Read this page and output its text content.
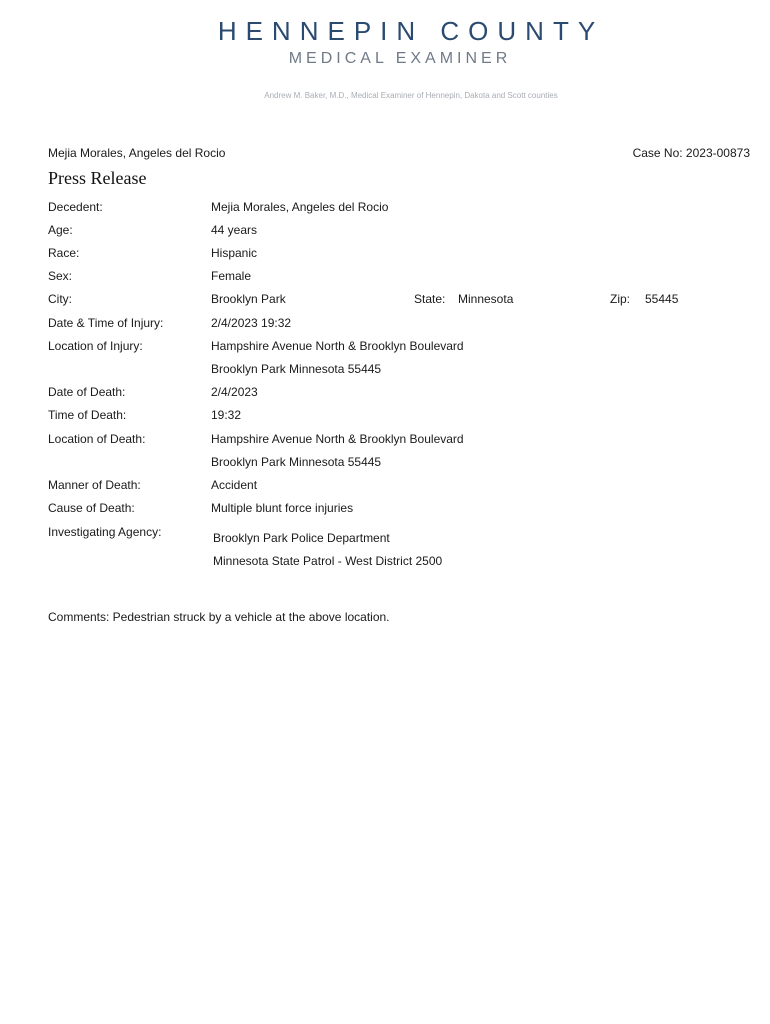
HENNEPIN COUNTY
MEDICAL EXAMINER
Andrew M. Baker, M.D., Medical Examiner of Hennepin, Dakota and Scott counties
Mejia Morales, Angeles del Rocio	Case No: 2023-00873
Press Release
Decedent:	Mejia Morales, Angeles del Rocio
Age:	44 years
Race:	Hispanic
Sex:	Female
City:	Brooklyn Park	State: Minnesota	Zip: 55445
Date & Time of Injury:	2/4/2023 19:32
Location of Injury:	Hampshire Avenue North & Brooklyn Boulevard
Brooklyn Park Minnesota 55445
Date of Death:	2/4/2023
Time of Death:	19:32
Location of Death:	Hampshire Avenue North & Brooklyn Boulevard
Brooklyn Park Minnesota 55445
Manner of Death:	Accident
Cause of Death:	Multiple blunt force injuries
Investigating Agency:	Brooklyn Park Police Department
Minnesota State Patrol - West District 2500
Comments: Pedestrian struck by a vehicle at the above location.
